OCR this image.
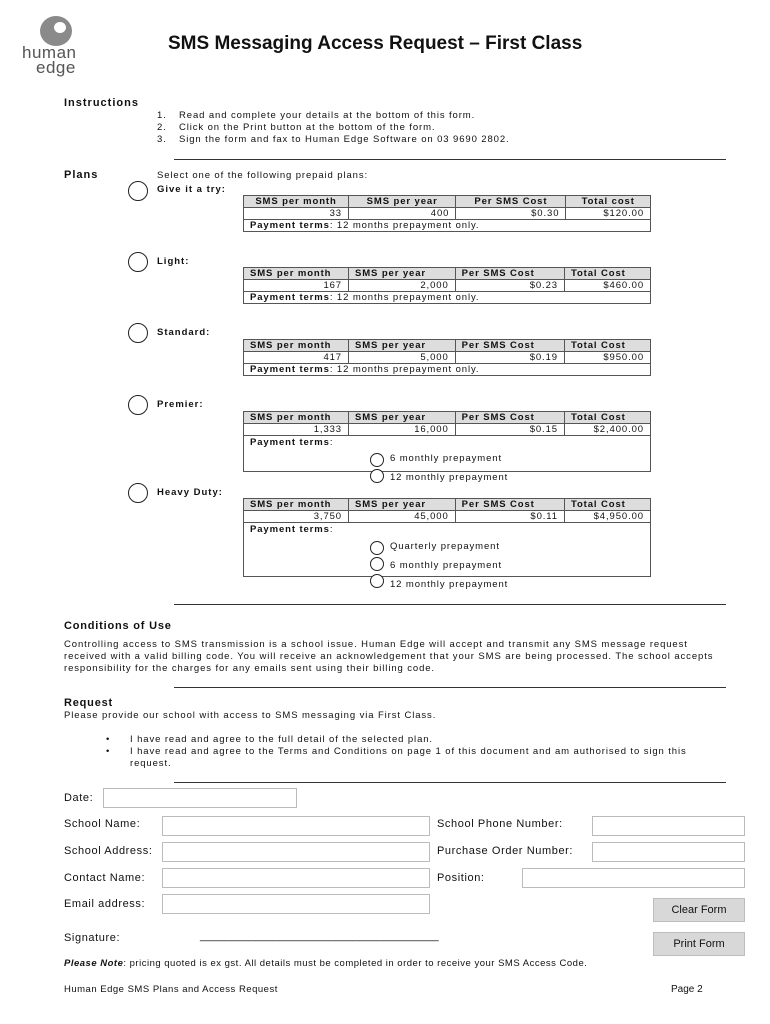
human
edge
SMS Messaging Access Request – First Class
Instructions
1. Read and complete your details at the bottom of this form.
2. Click on the Print button at the bottom of the form.
3. Sign the form and fax to Human Edge Software on 03 9690 2802.
Plans	Select one of the following prepaid plans:
Give it a try:
SMS per month	SMS per year	Per SMS Cost	Total cost
33	400	$0.30	$120.00
Payment terms: 12 months prepayment only.			
Light:
SMS per month	SMS per year	Per SMS Cost	Total Cost
167	2,000	$0.23	$460.00
Payment terms: 12 months prepayment only.			
Standard:
SMS per month	SMS per year	Per SMS Cost	Total Cost
417	5,000	$0.19	$950.00
Payment terms: 12 months prepayment only.			
Premier:
SMS per month	SMS per year	Per SMS Cost	Total Cost
1,333	16,000	$0.15	$2,400.00
Payment terms:			
6 monthly prepayment
12 monthly prepayment
Heavy Duty:
SMS per month	SMS per year	Per SMS Cost	Total Cost
3,750	45,000	$0.11	$4,950.00
Payment terms:			
Quarterly prepayment
6 monthly prepayment
12 monthly prepayment
Conditions of Use
Controlling access to SMS transmission is a school issue. Human Edge will accept and transmit any SMS message request received with a valid billing code. You will receive an acknowledgement that your SMS are being processed. The school accepts responsibility for the charges for any emails sent using their billing code.
Request
Please provide our school with access to SMS messaging via First Class.
•	I have read and agree to the full detail of the selected plan.
•	I have read and agree to the Terms and Conditions on page 1 of this document and am authorised to sign this request.
Date:
School Name:	School Phone Number:
School Address:	Purchase Order Number:
Contact Name:	Position:
Email address:	Clear Form
Signature:	_______________________________________
Print Form
Please Note: pricing quoted is ex gst. All details must be completed in order to receive your SMS Access Code.
Human Edge SMS Plans and Access Request	Page 2
